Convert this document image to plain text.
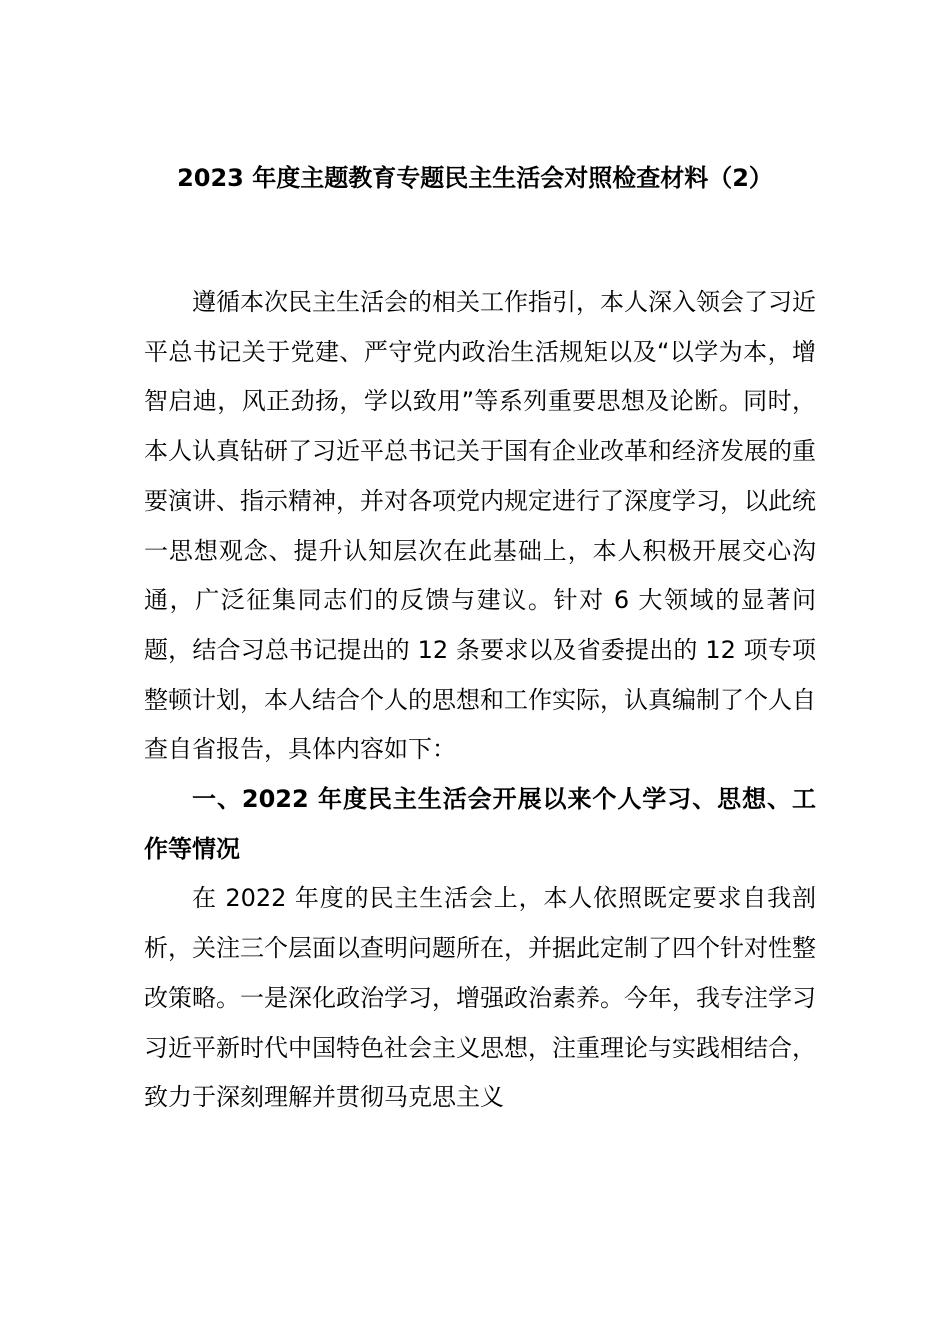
2023 年度主题教育专题民主生活会对照检查材料（2）

遵循本次民主生活会的相关工作指引，本人深入领会了习近平总书记关于党建、严守党内政治生活规矩以及“以学为本，增智启迪，风正劲扬，学以致用”等系列重要思想及论断。同时，本人认真钻研了习近平总书记关于国有企业改革和经济发展的重要演讲、指示精神，并对各项党内规定进行了深度学习，以此统一思想观念、提升认知层次在此基础上，本人积极开展交心沟通，广泛征集同志们的反馈与建议。针对 6 大领域的显著问题，结合习总书记提出的 12 条要求以及省委提出的 12 项专项整顿计划，本人结合个人的思想和工作实际，认真编制了个人自查自省报告，具体内容如下：

一、2022 年度民主生活会开展以来个人学习、思想、工作等情况

在 2022 年度的民主生活会上，本人依照既定要求自我剖析，关注三个层面以查明问题所在，并据此定制了四个针对性整改策略。一是深化政治学习，增强政治素养。今年，我专注学习习近平新时代中国特色社会主义思想，注重理论与实践相结合，致力于深刻理解并贯彻马克思主义
